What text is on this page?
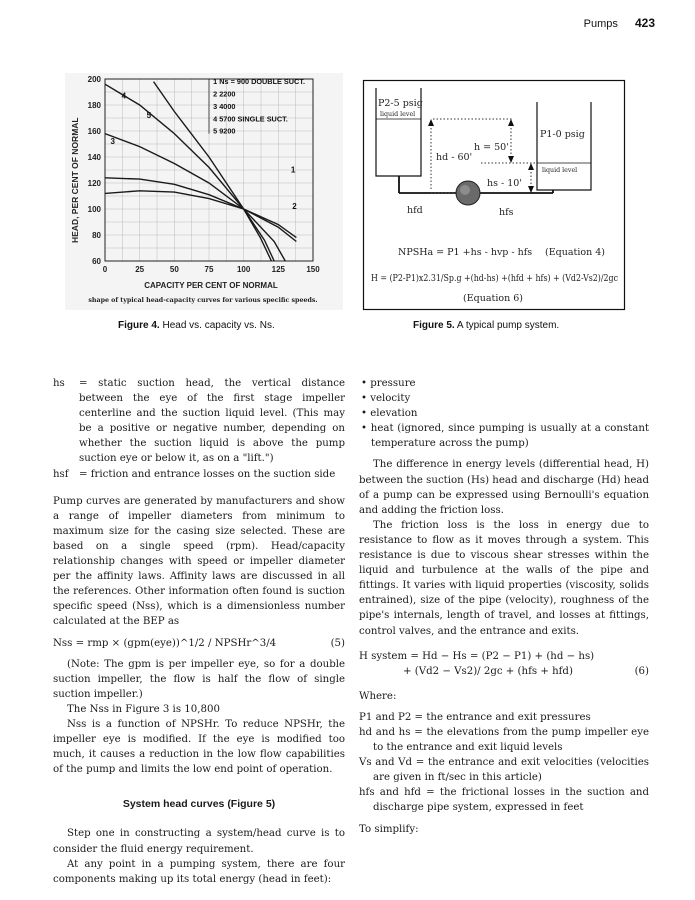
Pumps 423
HEAD, PER CENT OF NORMAL
200
180
160
140
120
100
80
60
0	25	50	75	100	125	150
1
2
3
4
5
1 Ns = 900 DOUBLE SUCT.
2 2200
3 4000
4 5700 SINGLE SUCT.
5 9200
CAPACITY PER CENT OF NORMAL
shape of typical head-capacity curves for various specific speeds.
P2-5 psig
liquid level
P1-0 psig
liquid level
hd - 60'
h = 50'
hs - 10'
hfd	hfs
NPSHa = P1 +hs - hvp - hfs (Equation 4)
H = (P2-P1)x2.31/Sp.g +(hd-hs) +(hfd + hfs) + (Vd2-Vs2)/2gc
(Equation 6)
Figure 4. Head vs. capacity vs. Ns.	Figure 5. A typical pump system.
hs	= static suction head, the vertical distance between the eye of the first stage impeller centerline and the suction liquid level. (This may be a positive or negative number, depending on whether the suction liquid is above the pump suction eye or below it, as on a "lift.")
hsf	= friction and entrance losses on the suction side

Pump curves are generated by manufacturers and show a range of impeller diameters from minimum to maximum size for the casing size selected. These are based on a single speed (rpm). Head/capacity relationship changes with speed or impeller diameter per the affinity laws. Affinity laws are discussed in all the references. Other information often found is suction specific speed (Nss), which is a dimensionless number calculated at the BEP as

Nss = rmp × (gpm(eye))^1/2 / NPSHr^3/4	(5)

(Note: The gpm is per impeller eye, so for a double suction impeller, the flow is half the flow of single suction impeller.)

The Nss in Figure 3 is 10,800

Nss is a function of NPSHr. To reduce NPSHr, the impeller eye is modified. If the eye is modified too much, it causes a reduction in the low flow capabilities of the pump and limits the low end point of operation.

System head curves (Figure 5)

Step one in constructing a system/head curve is to consider the fluid energy requirement.

At any point in a pumping system, there are four components making up its total energy (head in feet):

• pressure
• velocity
• elevation
• heat (ignored, since pumping is usually at a constant temperature across the pump)

The difference in energy levels (differential head, H) between the suction (Hs) head and discharge (Hd) head of a pump can be expressed using Bernoulli's equation and adding the friction loss.

The friction loss is the loss in energy due to resistance to flow as it moves through a system. This resistance is due to viscous shear stresses within the liquid and turbulence at the walls of the pipe and fittings. It varies with liquid properties (viscosity, solids entrained), size of the pipe (velocity), roughness of the pipe's internals, length of travel, and losses at fittings, control valves, and the entrance and exits.

H system = Hd − Hs = (P2 − P1) + (hd − hs)
+ (Vd2 − Vs2)/ 2gc + (hfs + hfd)	(6)

Where:

P1 and P2 = the entrance and exit pressures

hd and hs = the elevations from the pump impeller eye to the entrance and exit liquid levels

Vs and Vd = the entrance and exit velocities (velocities are given in ft/sec in this article)

hfs and hfd = the frictional losses in the suction and discharge pipe system, expressed in feet

To simplify:
